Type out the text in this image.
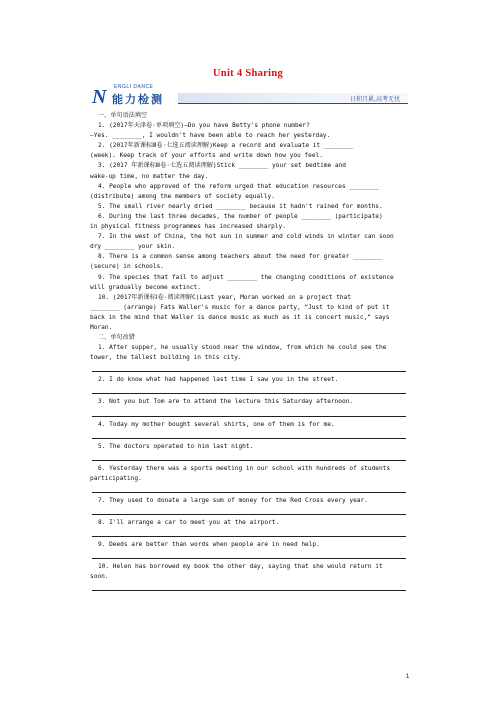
Unit 4 Sharing
N	ENGLI DANCE
能力检测	日积月累,高考无忧
一、单句语法填空
1. (2017年天津卷·单项填空)—Do you have Betty's phone number?
—Yes. ________, I wouldn't have been able to reach her yesterday.
2. (2017年新课标Ⅲ卷·七选五阅读理解)Keep a record and evaluate it ________
(week). Keep track of your efforts and write down how you feel.
3. (2017 年新课标Ⅲ卷·七选五阅读理解)Stick ________ your set bedtime and
wake-up time, no matter the day.
4. People who approved of the reform urged that education resources ________
(distribute) among the members of society equally.
5. The small river nearly dried ________ because it hadn't rained for months.
6. During the last three decades, the number of people ________ (participate)
in physical fitness programmes has increased sharply.
7. In the west of China, the hot sun in summer and cold winds in winter can soon
dry ________ your skin.
8. There is a common sense among teachers about the need for greater ________
(secure) in schools.
9. The species that fail to adjust ________ the changing conditions of existence
will gradually become extinct.
10. (2017年新课标Ⅰ卷·阅读理解C)Last year, Moran worked on a project that
________ (arrange) Fats Waller's music for a dance party, “Just to kind of put it
back in the mind that Waller is dance music as much as it is concert music,” says
Moran.
二、单句改错
1. After supper, he usually stood near the window, from which he could see the
tower, the tallest building in this city.
2. I do know what had happened last time I saw you in the street.
3. Not you but Tom are to attend the lecture this Saturday afternoon.
4. Today my mother bought several shirts, one of them is for me.
5. The doctors operated to him last night.
6. Yesterday there was a sports meeting in our school with hundreds of students
participating.
7. They used to donate a large sum of money for the Red Cross every year.
8. I'll arrange a car to meet you at the airport.
9. Deeds are better than words when people are in need help.
10. Helen has borrowed my book the other day, saying that she would return it
soon.
1
